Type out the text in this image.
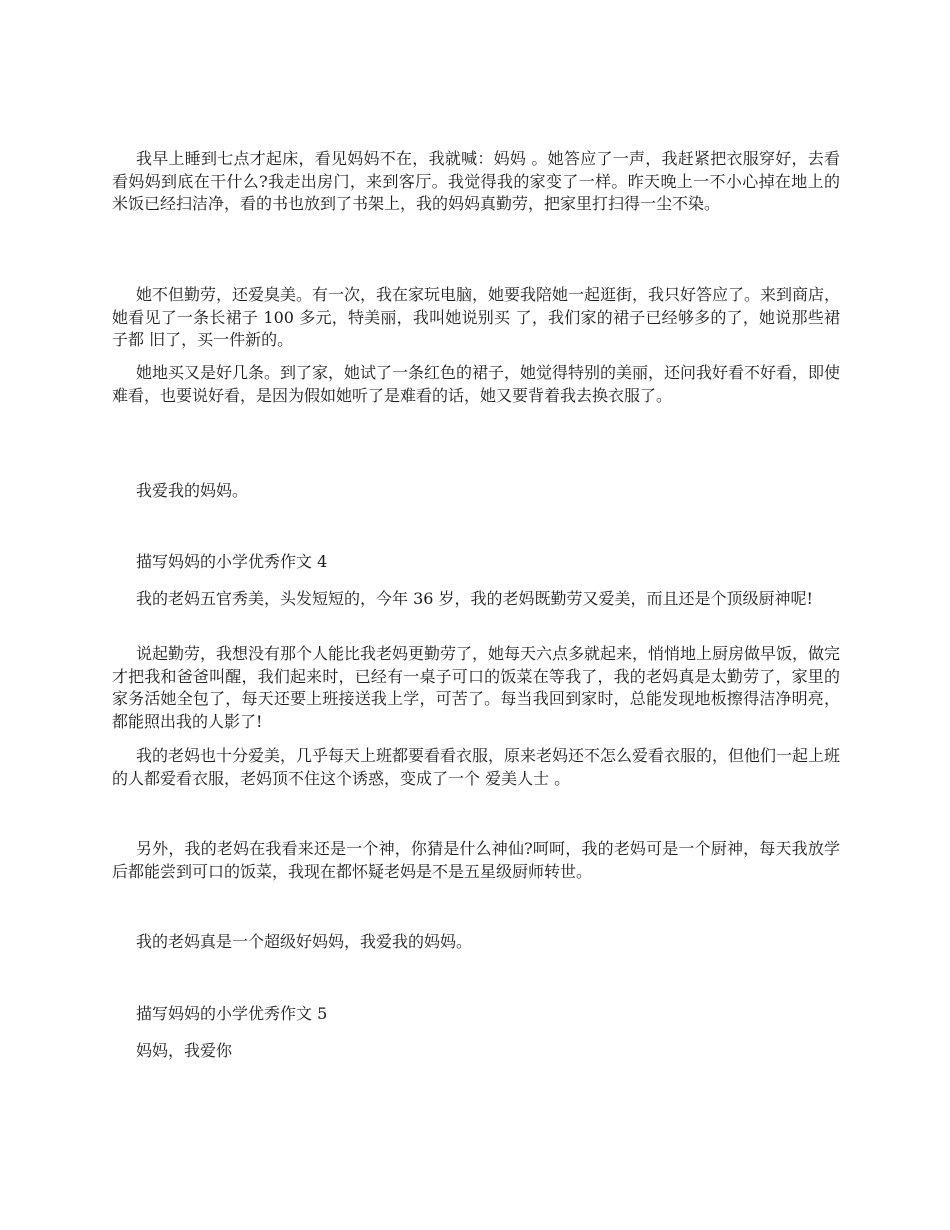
我早上睡到七点才起床，看见妈妈不在，我就喊：妈妈 。她答应了一声，我赶紧把衣服穿好，去看看妈妈到底在干什么?我走出房门，来到客厅。我觉得我的家变了一样。昨天晚上一不小心掉在地上的米饭已经扫洁净，看的书也放到了书架上，我的妈妈真勤劳，把家里打扫得一尘不染。

她不但勤劳，还爱臭美。有一次，我在家玩电脑，她要我陪她一起逛街，我只好答应了。来到商店，她看见了一条长裙子 100 多元，特美丽，我叫她说别买 了，我们家的裙子已经够多的了，她说那些裙子都 旧了，买一件新的。

她地买又是好几条。到了家，她试了一条红色的裙子，她觉得特别的美丽，还问我好看不好看，即使难看，也要说好看，是因为假如她听了是难看的话，她又要背着我去换衣服了。

我爱我的妈妈。

描写妈妈的小学优秀作文 4

我的老妈五官秀美，头发短短的，今年 36 岁，我的老妈既勤劳又爱美，而且还是个顶级厨神呢!

说起勤劳，我想没有那个人能比我老妈更勤劳了，她每天六点多就起来，悄悄地上厨房做早饭，做完才把我和爸爸叫醒，我们起来时，已经有一桌子可口的饭菜在等我了，我的老妈真是太勤劳了，家里的家务活她全包了，每天还要上班接送我上学，可苦了。每当我回到家时，总能发现地板擦得洁净明亮，都能照出我的人影了!

我的老妈也十分爱美，几乎每天上班都要看看衣服，原来老妈还不怎么爱看衣服的，但他们一起上班的人都爱看衣服，老妈顶不住这个诱惑，变成了一个 爱美人士 。

另外，我的老妈在我看来还是一个神，你猜是什么神仙?呵呵，我的老妈可是一个厨神，每天我放学后都能尝到可口的饭菜，我现在都怀疑老妈是不是五星级厨师转世。

我的老妈真是一个超级好妈妈，我爱我的妈妈。

描写妈妈的小学优秀作文 5

妈妈，我爱你
